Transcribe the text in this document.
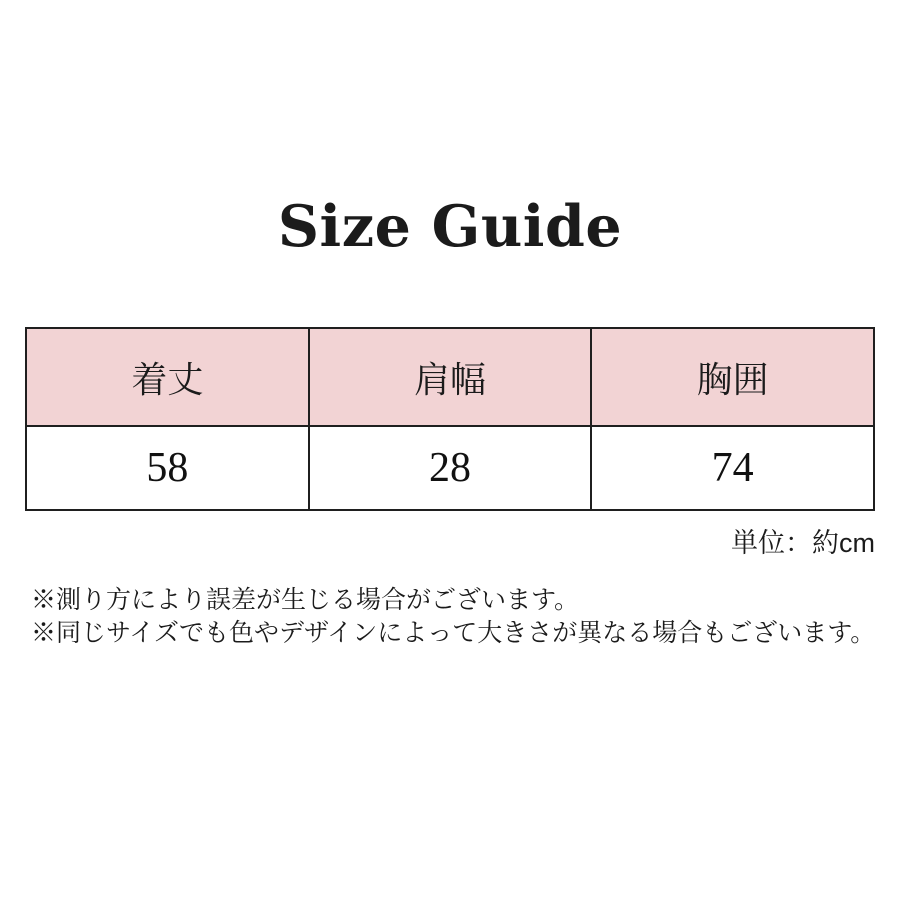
Size Guide
着丈	肩幅	胸囲
58	28	74
単位：約cm
※測り方により誤差が生じる場合がございます。
※同じサイズでも色やデザインによって大きさが異なる場合もございます。
